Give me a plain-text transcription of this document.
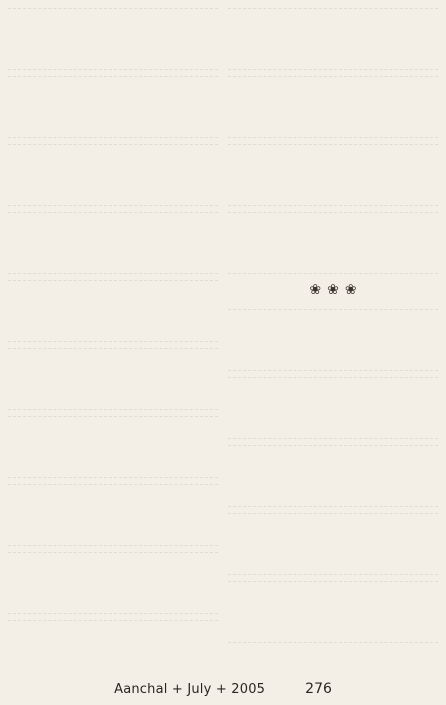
❀
❀
❀

Aanchal + July + 2005	276
